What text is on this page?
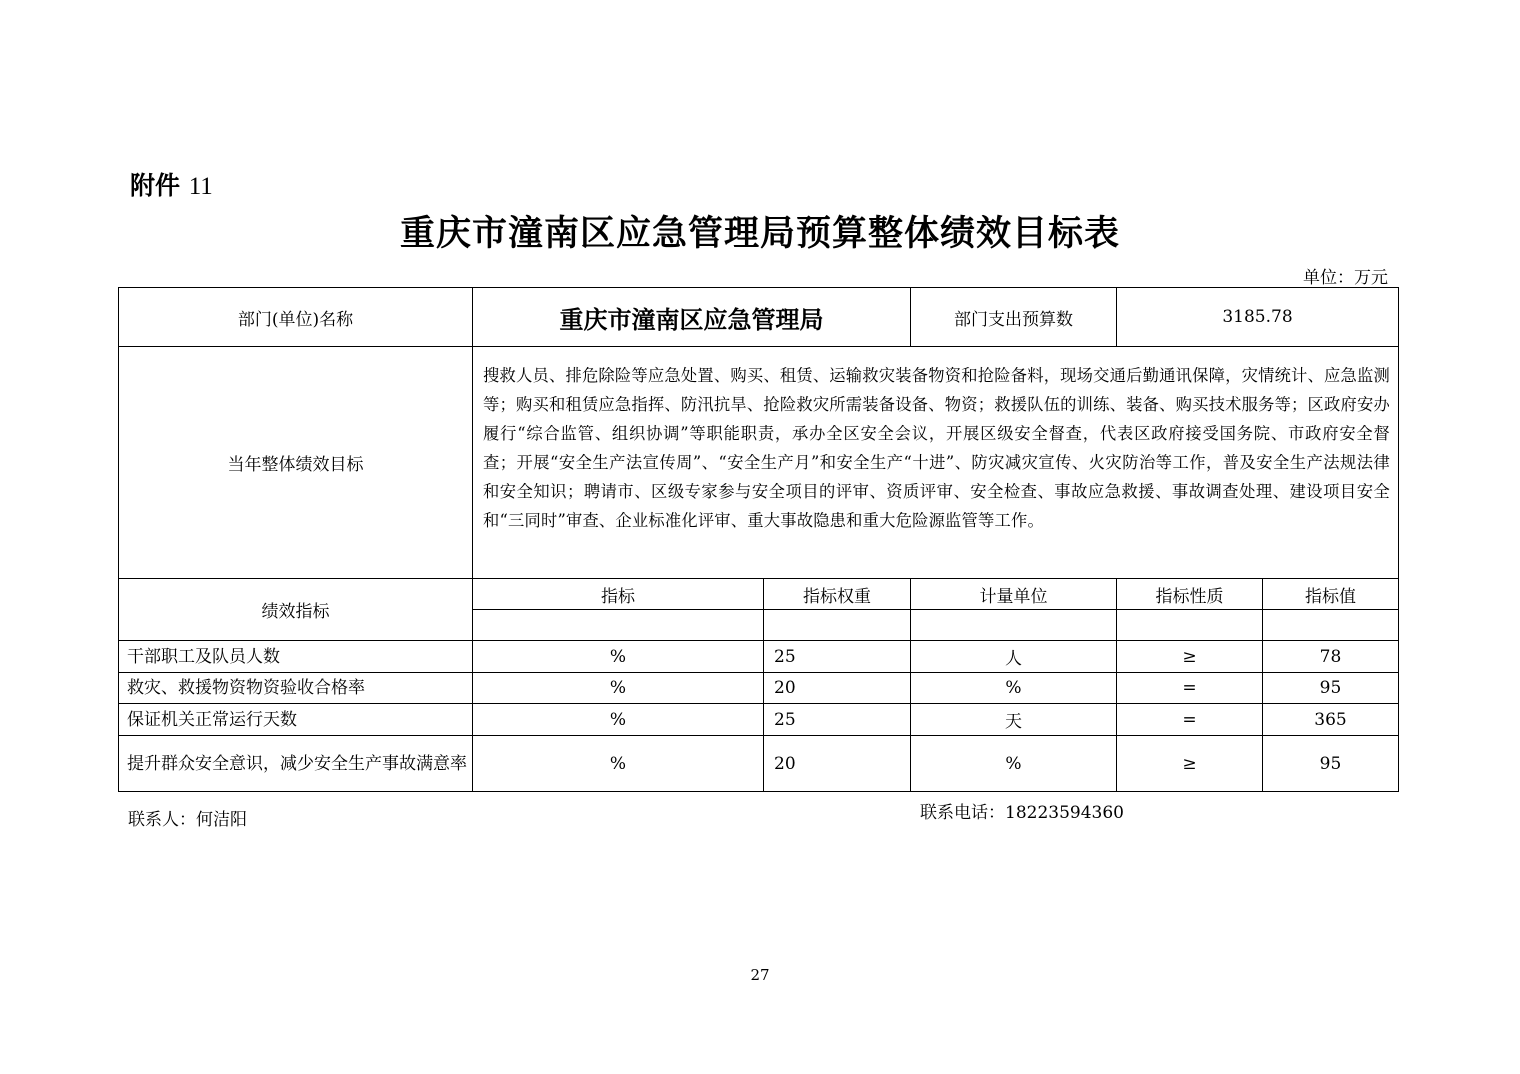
附件 11
重庆市潼南区应急管理局预算整体绩效目标表
单位：万元
部门(单位)名称	重庆市潼南区应急管理局		部门支出预算数	3185.78	
当年整体绩效目标	搜救人员、排危除险等应急处置、购买、租赁、运输救灾装备物资和抢险备料，现场交通后勤通讯保障，灾情统计、应急监测等；购买和租赁应急指挥、防汛抗旱、抢险救灾所需装备设备、物资；救援队伍的训练、装备、购买技术服务等；区政府安办履行“综合监管、组织协调”等职能职责，承办全区安全会议，开展区级安全督查，代表区政府接受国务院、市政府安全督查；开展“安全生产法宣传周”、“安全生产月”和安全生产“十进”、防灾减灾宣传、火灾防治等工作，普及安全生产法规法律和安全知识；聘请市、区级专家参与安全项目的评审、资质评审、安全检查、事故应急救援、事故调查处理、建设项目安全和“三同时”审查、企业标准化评审、重大事故隐患和重大危险源监管等工作。				
绩效指标	指标	指标权重	计量单位	指标性质	指标值

干部职工及队员人数	%	25	人	≥	78
救灾、救援物资物资验收合格率	%	20	%	=	95
保证机关正常运行天数	%	25	天	=	365
提升群众安全意识，减少安全生产事故满意率	%	20	%	≥	95
联系人：何洁阳	联系电话：18223594360
27
